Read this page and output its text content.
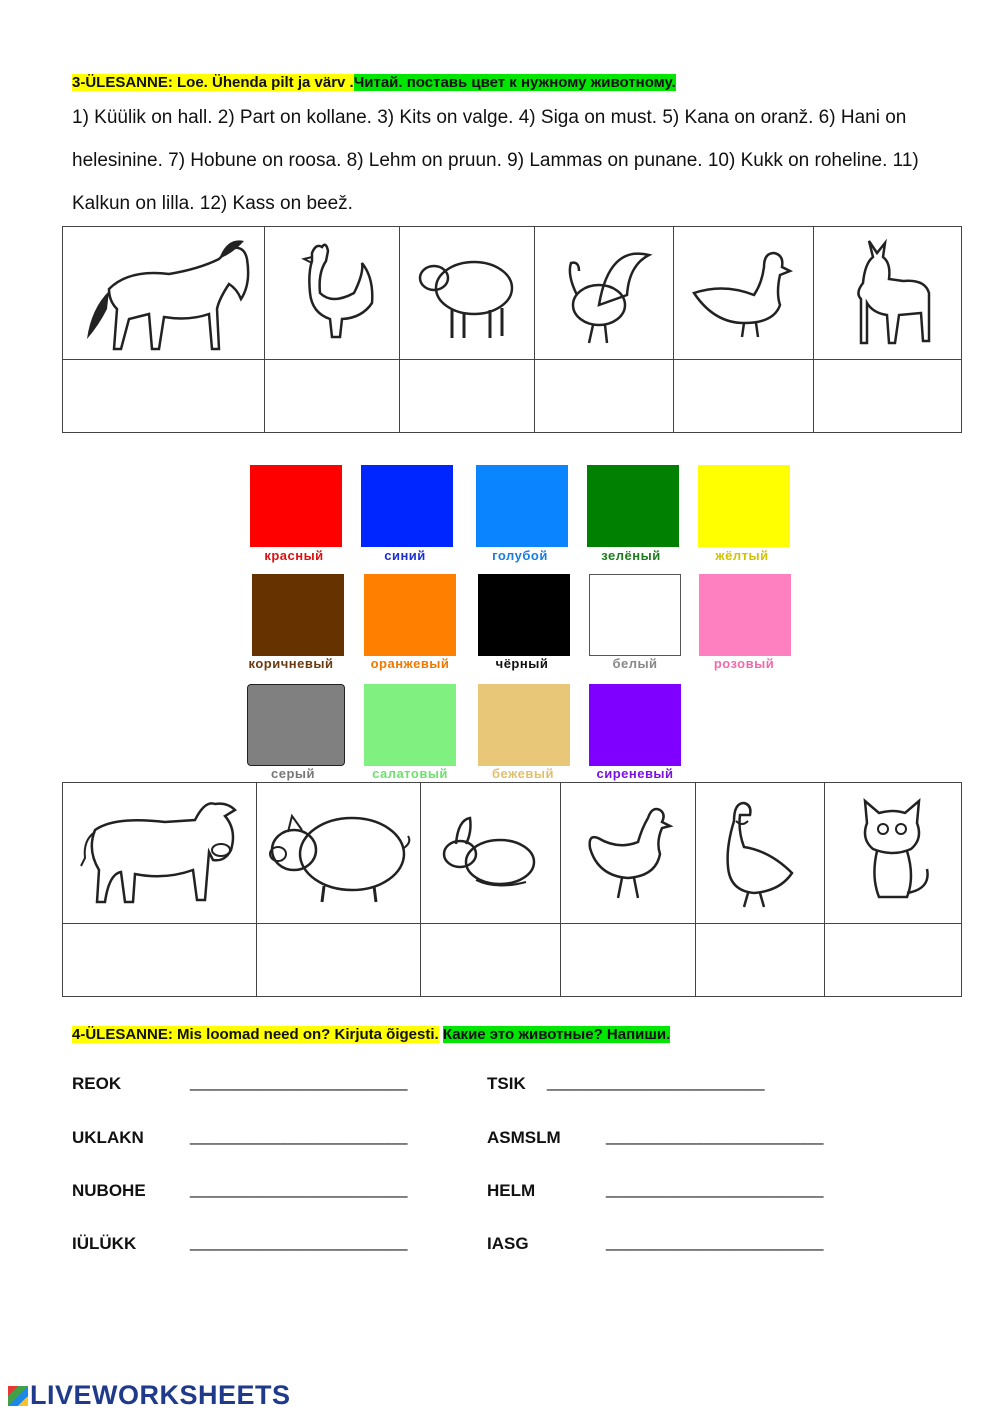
3-ÜLESANNE: Loe. Ühenda pilt ja värv .Читай. поставь цвет к нужному животному.
1) Küülik on hall. 2) Part on kollane. 3) Kits on valge. 4) Siga on must. 5) Kana on oranž. 6) Hani on helesinine. 7) Hobune on roosa. 8) Lehm on pruun. 9) Lammas on punane. 10) Kukk on roheline. 11) Kalkun on lilla. 12) Kass on beež.

красный	синий	голубой	зелёный	жёлтый
коричневый	оранжевый	чёрный	белый	розовый
серый	салатовый	бежевый	сиреневый

4-ÜLESANNE: Mis loomad need on? Kirjuta õigesti. Какие это животные? Напиши.
REOK	_______________________
UKLAKN	_______________________
NUBOHE	_______________________
IÜLÜKK	_______________________
TSIK _______________________
ASMSLM	_______________________
HELM	_______________________
IASG	_______________________
LIVEWORKSHEETS
